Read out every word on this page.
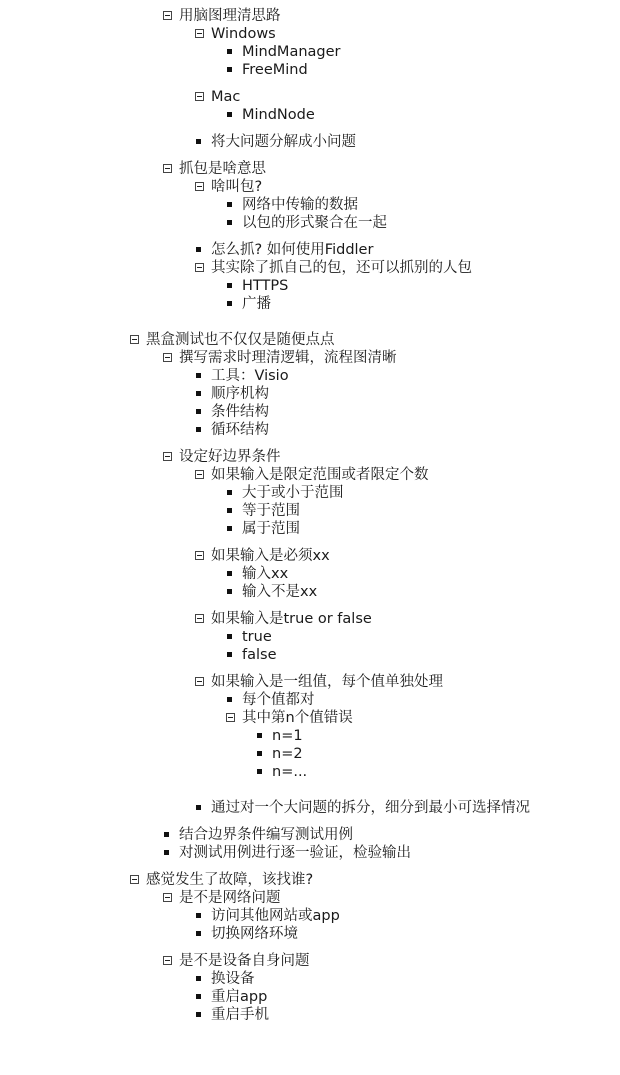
用脑图理清思路
Windows
MindManager
FreeMind
Mac
MindNode
将大问题分解成小问题
抓包是啥意思
啥叫包?
网络中传输的数据
以包的形式聚合在一起
怎么抓? 如何使用Fiddler
其实除了抓自己的包，还可以抓别的人包
HTTPS
广播
黑盒测试也不仅仅是随便点点
撰写需求时理清逻辑，流程图清晰
工具：Visio
顺序机构
条件结构
循环结构
设定好边界条件
如果输入是限定范围或者限定个数
大于或小于范围
等于范围
属于范围
如果输入是必须xx
输入xx
输入不是xx
如果输入是true or false
true
false
如果输入是一组值，每个值单独处理
每个值都对
其中第n个值错误
n=1
n=2
n=...
通过对一个大问题的拆分，细分到最小可选择情况
结合边界条件编写测试用例
对测试用例进行逐一验证，检验输出
感觉发生了故障，该找谁?
是不是网络问题
访问其他网站或app
切换网络环境
是不是设备自身问题
换设备
重启app
重启手机
